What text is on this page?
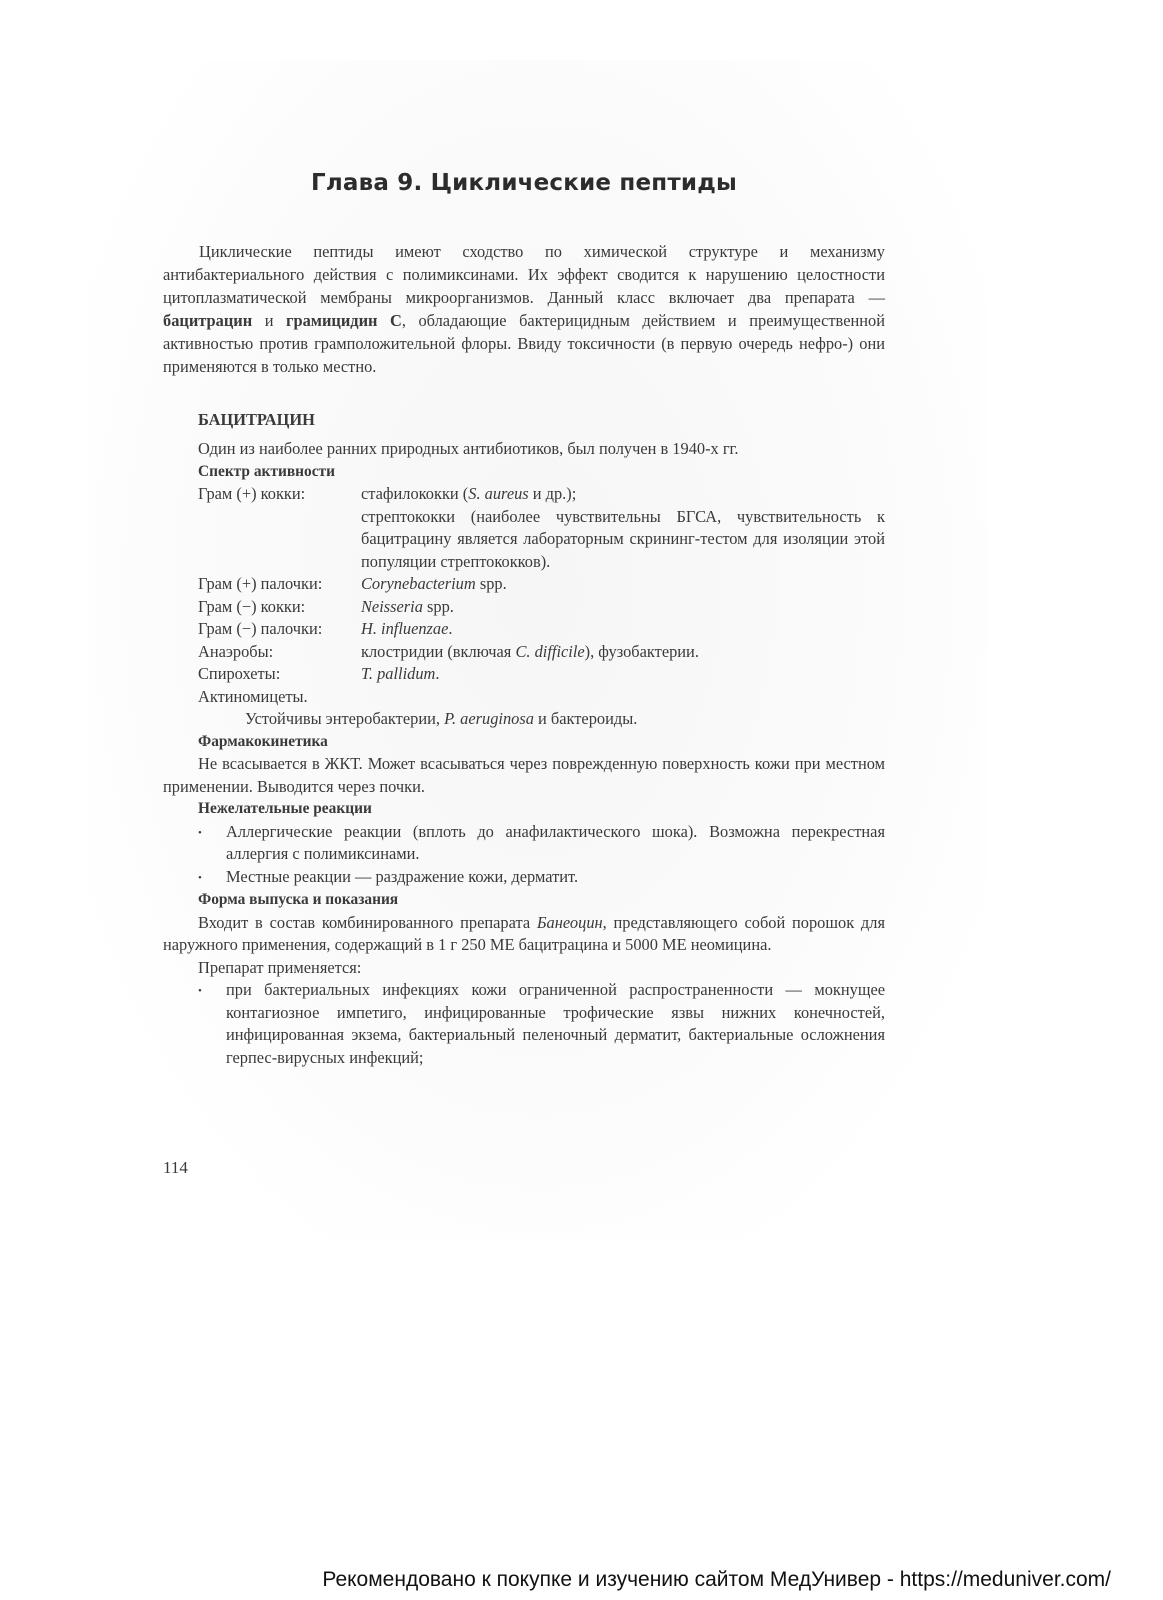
Глава 9. Циклические пептиды

Циклические пептиды имеют сходство по химической структуре и механизму антибактериального действия с полимиксинами. Их эффект сводится к нарушению целостности цитоплазматической мембраны микроорганизмов. Данный класс включает два препарата — бацитрацин и грамицидин С, обладающие бактерицидным действием и преимущественной активностью против грамположительной флоры. Ввиду токсичности (в первую очередь нефро-) они применяются в только местно.

БАЦИТРАЦИН

Один из наиболее ранних природных антибиотиков, был получен в 1940-х гг.

Спектр активности

Грам (+) кокки:	стафилококки (S. aureus и др.);
стрептококки (наиболее чувствительны БГСА, чувствительность к бацитрацину является лабораторным скрининг-тестом для изоляции этой популяции стрептококков).
Грам (+) палочки:	Corynebacterium spp.
Грам (−) кокки:	Neisseria spp.
Грам (−) палочки:	H. influenzae.
Анаэробы:	клостридии (включая C. difficile), фузобактерии.
Спирохеты:	T. pallidum.
Актиномицеты.

Устойчивы энтеробактерии, P. aeruginosa и бактероиды.

Фармакокинетика

Не всасывается в ЖКТ. Может всасываться через поврежденную поверхность кожи при местном применении. Выводится через почки.

Нежелательные реакции

•	Аллергические реакции (вплоть до анафилактического шока). Возможна перекрестная аллергия с полимиксинами.
•	Местные реакции — раздражение кожи, дерматит.

Форма выпуска и показания

Входит в состав комбинированного препарата Банеоцин, представляющего собой порошок для наружного применения, содержащий в 1 г 250 МЕ бацитрацина и 5000 МЕ неомицина.

Препарат применяется:

•	при бактериальных инфекциях кожи ограниченной распространенности — мокнущее контагиозное импетиго, инфицированные трофические язвы нижних конечностей, инфицированная экзема, бактериальный пеленочный дерматит, бактериальные осложнения герпес-вирусных инфекций;
114
Рекомендовано к покупке и изучению сайтом МедУнивер - https://meduniver.com/
